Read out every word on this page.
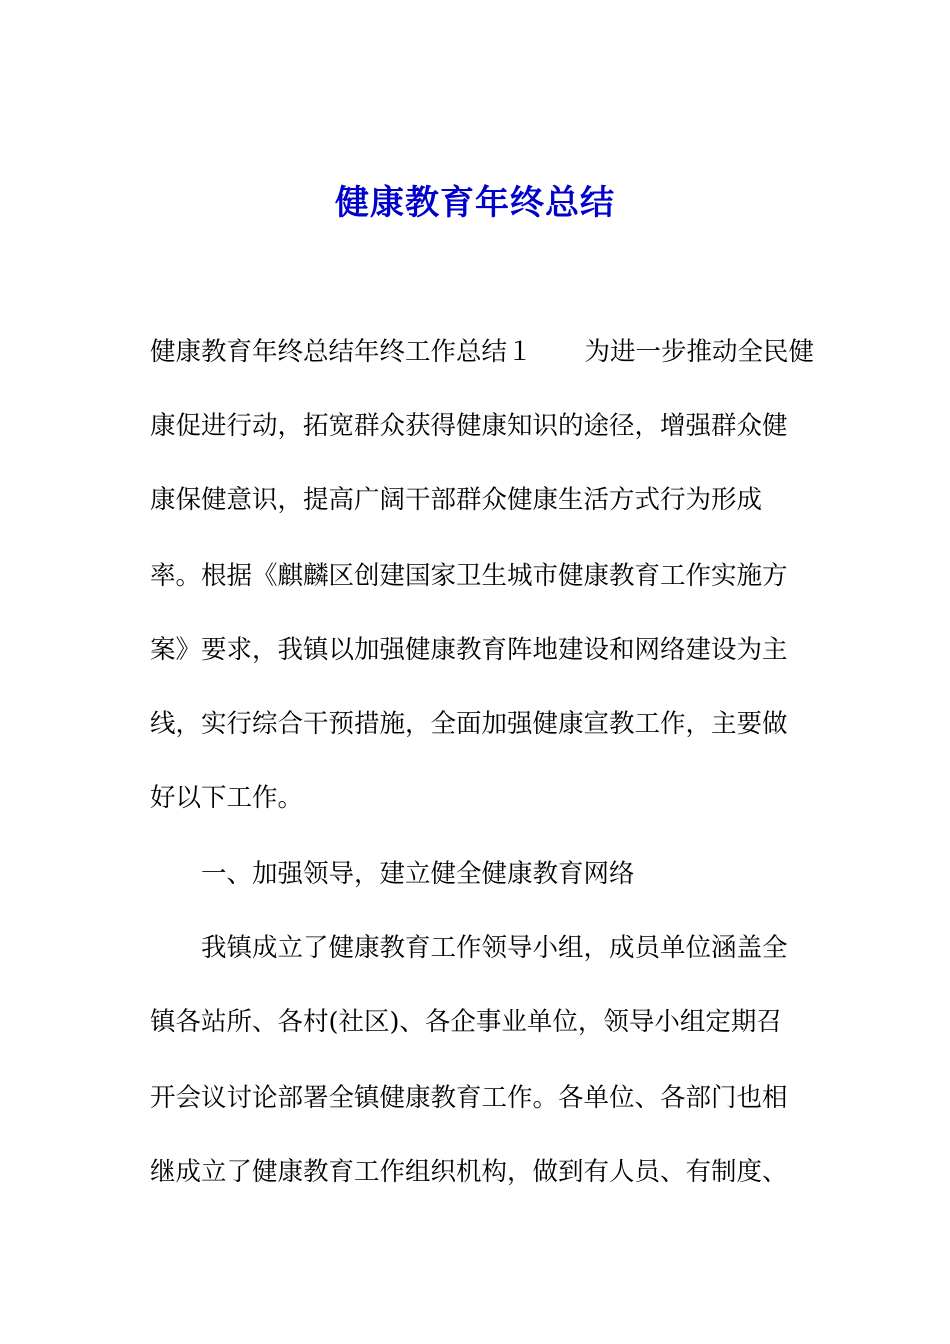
健康教育年终总结

健康教育年终总结年终工作总结１ 为进一步推动全民健

康促进行动，拓宽群众获得健康知识的途径，增强群众健

康保健意识，提高广阔干部群众健康生活方式行为形成

率。根据《麒麟区创建国家卫生城市健康教育工作实施方

案》要求，我镇以加强健康教育阵地建设和网络建设为主

线，实行综合干预措施，全面加强健康宣教工作，主要做

好以下工作。

一、加强领导，建立健全健康教育网络

我镇成立了健康教育工作领导小组，成员单位涵盖全

镇各站所、各村(社区)、各企事业单位，领导小组定期召

开会议讨论部署全镇健康教育工作。各单位、各部门也相

继成立了健康教育工作组织机构，做到有人员、有制度、
